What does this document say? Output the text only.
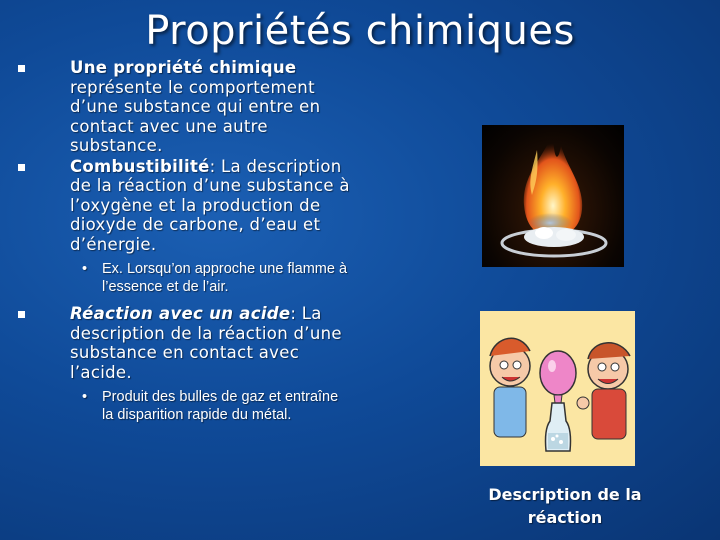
Propriétés chimiques
Une propriété chimique représente le comportement d’une substance qui entre en contact avec une autre substance.
Combustibilité: La description de la réaction d’une substance à l’oxygène et la production de dioxyde de carbone, d’eau et d’énergie.
• Ex. Lorsqu’on approche une flamme à l’essence et de l’air.
Réaction avec un acide: La description de la réaction d’une substance en contact avec l’acide.
• Produit des bulles de gaz et entraîne la disparition rapide du métal.
Description de la réaction
